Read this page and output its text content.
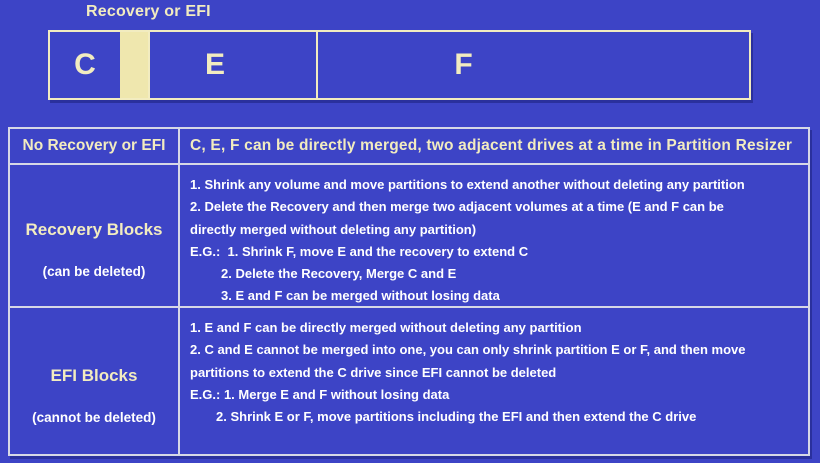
Recovery or EFI
C	E	F
No Recovery or EFI	C, E, F can be directly merged, two adjacent drives at a time in Partition Resizer
Recovery Blocks
(can be deleted)
1. Shrink any volume and move partitions to extend another without deleting any partition
2. Delete the Recovery and then merge two adjacent volumes at a time (E and F can be
directly merged without deleting any partition)
E.G.:  1. Shrink F, move E and the recovery to extend C
2. Delete the Recovery, Merge C and E
3. E and F can be merged without losing data
EFI Blocks
(cannot be deleted)
1. E and F can be directly merged without deleting any partition
2. C and E cannot be merged into one, you can only shrink partition E or F, and then move
partitions to extend the C drive since EFI cannot be deleted
E.G.: 1. Merge E and F without losing data
2. Shrink E or F, move partitions including the EFI and then extend the C drive
